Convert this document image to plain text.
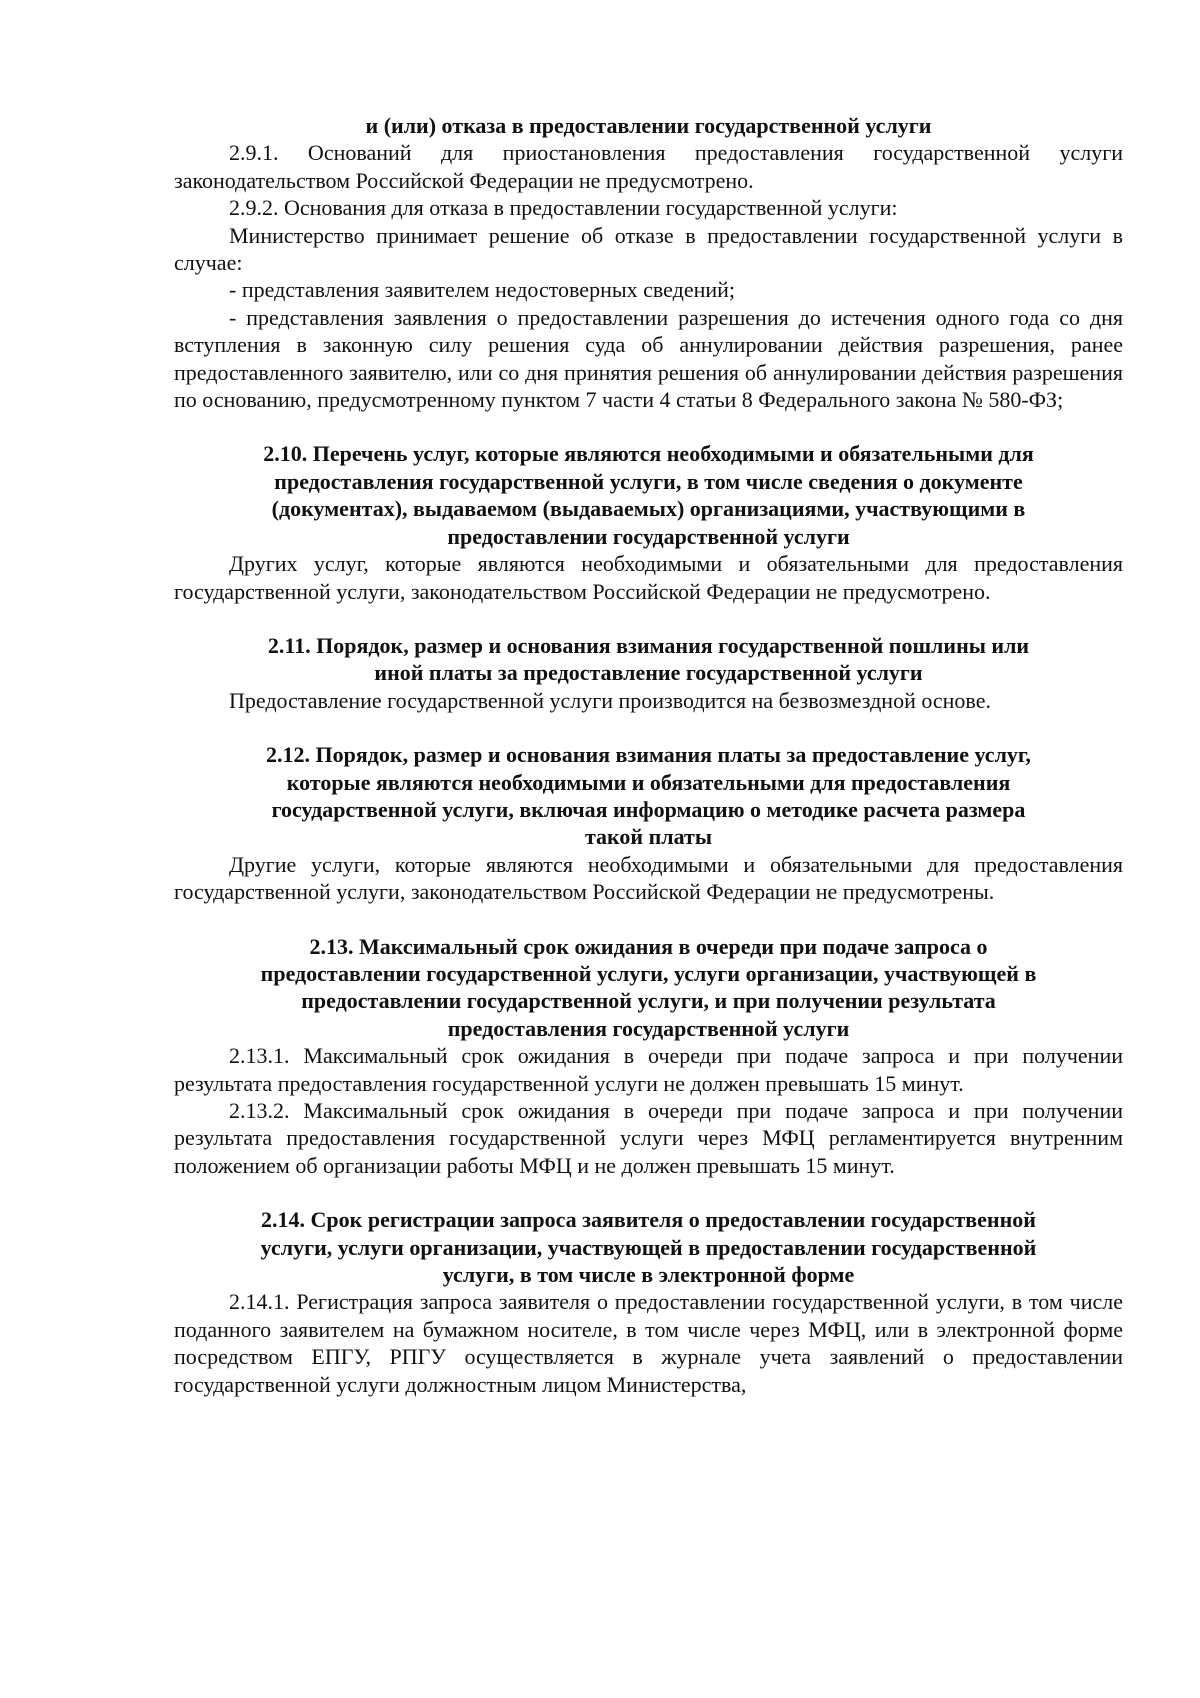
и (или) отказа в предоставлении государственной услуги

2.9.1. Оснований для приостановления предоставления государственной услуги законодательством Российской Федерации не предусмотрено.

2.9.2. Основания для отказа в предоставлении государственной услуги:

Министерство принимает решение об отказе в предоставлении государственной услуги в случае:

- представления заявителем недостоверных сведений;

- представления заявления о предоставлении разрешения до истечения одного года со дня вступления в законную силу решения суда об аннулировании действия разрешения, ранее предоставленного заявителю, или со дня принятия решения об аннулировании действия разрешения по основанию, предусмотренному пунктом 7 части 4 статьи 8 Федерального закона № 580-ФЗ;

2.10. Перечень услуг, которые являются необходимыми и обязательными для предоставления государственной услуги, в том числе сведения о документе (документах), выдаваемом (выдаваемых) организациями, участвующими в предоставлении государственной услуги

Других услуг, которые являются необходимыми и обязательными для предоставления государственной услуги, законодательством Российской Федерации не предусмотрено.

2.11. Порядок, размер и основания взимания государственной пошлины или иной платы за предоставление государственной услуги

Предоставление государственной услуги производится на безвозмездной основе.

2.12. Порядок, размер и основания взимания платы за предоставление услуг, которые являются необходимыми и обязательными для предоставления государственной услуги, включая информацию о методике расчета размера такой платы

Другие услуги, которые являются необходимыми и обязательными для предоставления государственной услуги, законодательством Российской Федерации не предусмотрены.

2.13. Максимальный срок ожидания в очереди при подаче запроса о предоставлении государственной услуги, услуги организации, участвующей в предоставлении государственной услуги, и при получении результата предоставления государственной услуги

2.13.1. Максимальный срок ожидания в очереди при подаче запроса и при получении результата предоставления государственной услуги не должен превышать 15 минут.

2.13.2. Максимальный срок ожидания в очереди при подаче запроса и при получении результата предоставления государственной услуги через МФЦ регламентируется внутренним положением об организации работы МФЦ и не должен превышать 15 минут.

2.14. Срок регистрации запроса заявителя о предоставлении государственной услуги, услуги организации, участвующей в предоставлении государственной услуги, в том числе в электронной форме

2.14.1. Регистрация запроса заявителя о предоставлении государственной услуги, в том числе поданного заявителем на бумажном носителе, в том числе через МФЦ, или в электронной форме посредством ЕПГУ, РПГУ осуществляется в журнале учета заявлений о предоставлении государственной услуги должностным лицом Министерства,
